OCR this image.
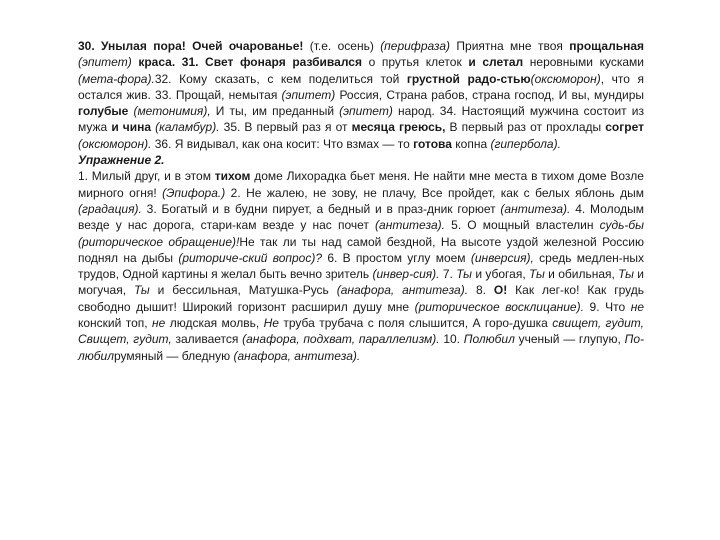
30. Унылая пора! Очей очарованье! (т.е. осень) (перифраза) Приятна мне твоя прощальная (эпитет) краса. 31. Свет фонаря разбивался о прутья клеток и слетал неровными кусками (мета-фора).32. Кому сказать, с кем поделиться той грустной радо-стью(оксюморон), что я остался жив. 33. Прощай, немытая (эпитет) Россия, Страна рабов, страна господ, И вы, мундиры голубые (метонимия), И ты, им преданный (эпитет) народ. 34. Настоящий мужчина состоит из мужа и чина (каламбур). 35. В первый раз я от месяца греюсь, В первый раз от прохлады согрет (оксюморон). 36. Я видывал, как она косит: Что взмах — то готова копна (гипербола).

Упражнение 2.

1. Милый друг, и в этом тихом доме Лихорадка бьет меня. Не найти мне места в тихом доме Возле мирного огня! (Эпифора.) 2. Не жалею, не зову, не плачу, Все пройдет, как с белых яблонь дым (градация). 3. Богатый и в будни пирует, а бедный и в праз-дник горюет (антитеза). 4. Молодым везде у нас дорога, стари-кам везде у нас почет (антитеза). 5. О мощный властелин судь-бы (риторическое обращение)!Не так ли ты над самой бездной, На высоте уздой железной Россию поднял на дыбы (риториче-ский вопрос)? 6. В простом углу моем (инверсия), средь медлен-ных трудов, Одной картины я желал быть вечно зритель (инвер-сия). 7. Ты и убогая, Ты и обильная, Ты и могучая, Ты и бессильная, Матушка-Русь (анафора, антитеза). 8. О! Как лег-ко! Как грудь свободно дышит! Широкий горизонт расширил душу мне (риторическое восклицание). 9. Что не конский топ, не людская молвь, Не труба трубача с поля слышится, А горо-душка свищет, гудит, Свищет, гудит, заливается (анафора, подхват, параллелизм). 10. Полюбил ученый — глупую, По-любилрумяный — бледную (анафора, антитеза).
